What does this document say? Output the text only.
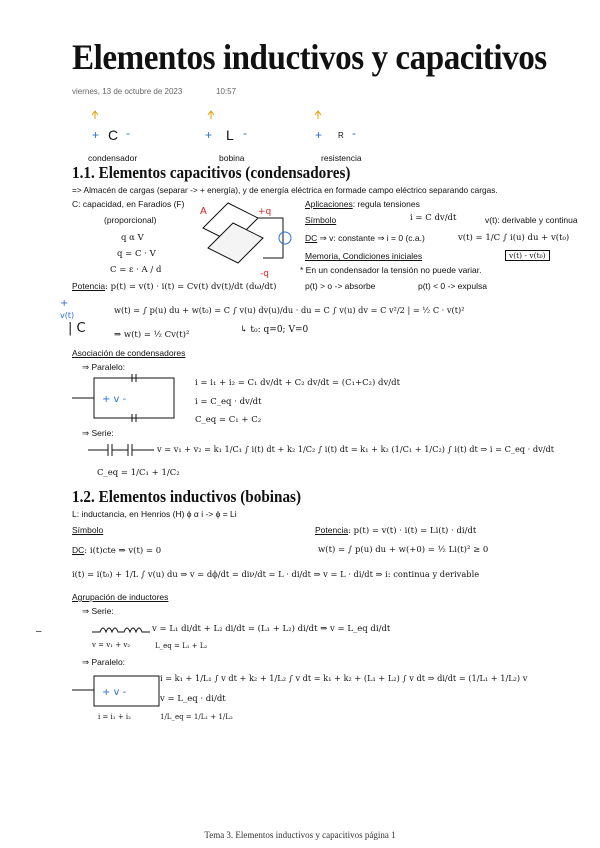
Elementos inductivos y capacitivos
viernes, 13 de octubre de 2023	10:57
+ C -	+ L -	+ R -
condensador	bobina	resistencia
1.1. Elementos capacitivos (condensadores)
=> Almacén de cargas (separar -> + energía), y de energía eléctrica en formade campo eléctrico separando cargas.
C: capacidad, en Faradios (F)
(proporcional)
q α V
q = C · V
C = ε · A / d
A	+q
-q
Aplicaciones: regula tensiones
Símbolo	i = C dv/dt	v(t): derivable y continua
DC ⇒ v: constante ⇒ i = 0 (c.a.)	v(t) = 1/C ∫ i(u) du + v(t₀)
Memoria, Condiciones iniciales	v(t) - v(t₀)
* En un condensador la tensión no puede variar.
Potencia: p(t) = v(t) · i(t) = Cv(t) dv(t)/dt (dω/dt)	p(t) > o -> absorbe	p(t) < 0 -> expulsa
+
v(t)
| C
w(t) = ∫ p(u) du + w(t₀) = C ∫ v(u) dv(u)/du · du = C ∫ v(u) dv = C v²/2 | = ½ C · v(t)²
⇒ w(t) = ½ Cv(t)²	↳ t₀: q=0; V=0
Asociación de condensadores
⇒ Paralelo:
+ v -
i = i₁ + i₂ = C₁ dv/dt + C₂ dv/dt = (C₁+C₂) dv/dt
i = C_eq · dv/dt
C_eq = C₁ + C₂
⇒ Serie:
v = v₁ + v₂ = k₁ 1/C₁ ∫ i(t) dt + k₂ 1/C₂ ∫ i(t) dt = k₁ + k₂ (1/C₁ + 1/C₂) ∫ i(t) dt ⇒ i = C_eq · dv/dt
C_eq = 1/C₁ + 1/C₂
1.2. Elementos inductivos (bobinas)
L: inductancia, en Henrios (H) ϕ α i -> ϕ = Li
Símbolo	Potencia: p(t) = v(t) · i(t) = Li(t) · di/dt
DC: i(t)cte ⇒ v(t) = 0	w(t) = ∫ p(u) du + w(+0) = ½ Li(t)² ≥ 0
i(t) = i(t₀) + 1/L ∫ v(u) du ⇒ v = dϕ/dt = diν/dt = L · di/dt ⇒ v = L · di/dt ⇒ i: continua y derivable
Agrupación de inductores
⇒ Serie:
–	v = L₁ di/dt + L₂ di/dt = (L₁ + L₂) di/dt ⇒ v = L_eq di/dt
v = v₁ + v₂	L_eq = L₁ + L₂
⇒ Paralelo:
+ v -
i = k₁ + 1/L₁ ∫ v dt + k₂ + 1/L₂ ∫ v dt = k₁ + k₂ + (L₁ + L₂) ∫ v dt ⇒ di/dt = (1/L₁ + 1/L₂) v
v = L_eq · di/dt
i = i₁ + i₂	1/L_eq = 1/L₁ + 1/L₂
Tema 3. Elementos inductivos y capacitivos página 1
